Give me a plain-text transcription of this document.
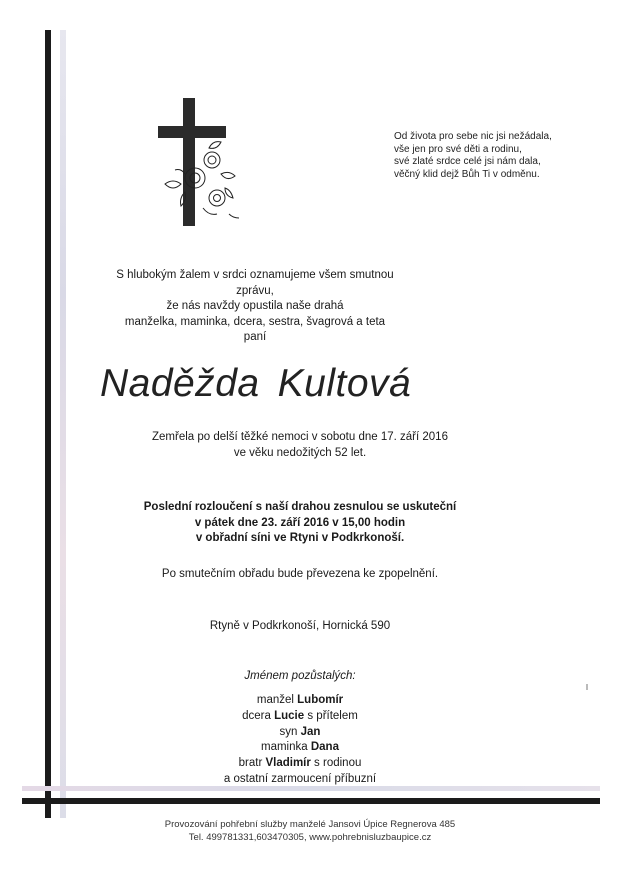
Od života pro sebe nic jsi nežádala,
vše jen pro své děti a rodinu,
své zlaté srdce celé jsi nám dala,
věčný klid dejž Bůh Ti v odměnu.
S hlubokým žalem v srdci oznamujeme všem smutnou zprávu,
že nás navždy opustila naše drahá
manželka, maminka, dcera, sestra, švagrová a teta
paní
Naděžda Kultová
Zemřela po delší těžké nemoci v sobotu dne 17. září 2016
ve věku nedožitých 52 let.
Poslední rozloučení s naší drahou zesnulou se uskuteční
v pátek dne 23. září 2016 v 15,00 hodin
v obřadní síni ve Rtyni v Podkrkonoší.
Po smutečním obřadu bude převezena ke zpopelnění.
Rtyně v Podkrkonoší, Hornická 590
Jménem pozůstalých:
manžel Lubomír
dcera Lucie s přítelem
syn Jan
maminka Dana
bratr Vladimír s rodinou
a ostatní zarmoucení příbuzní
Provozování pohřební služby manželé Jansovi Úpice Regnerova 485
Tel. 499781331,603470305, www.pohrebnisluzbaupice.cz
